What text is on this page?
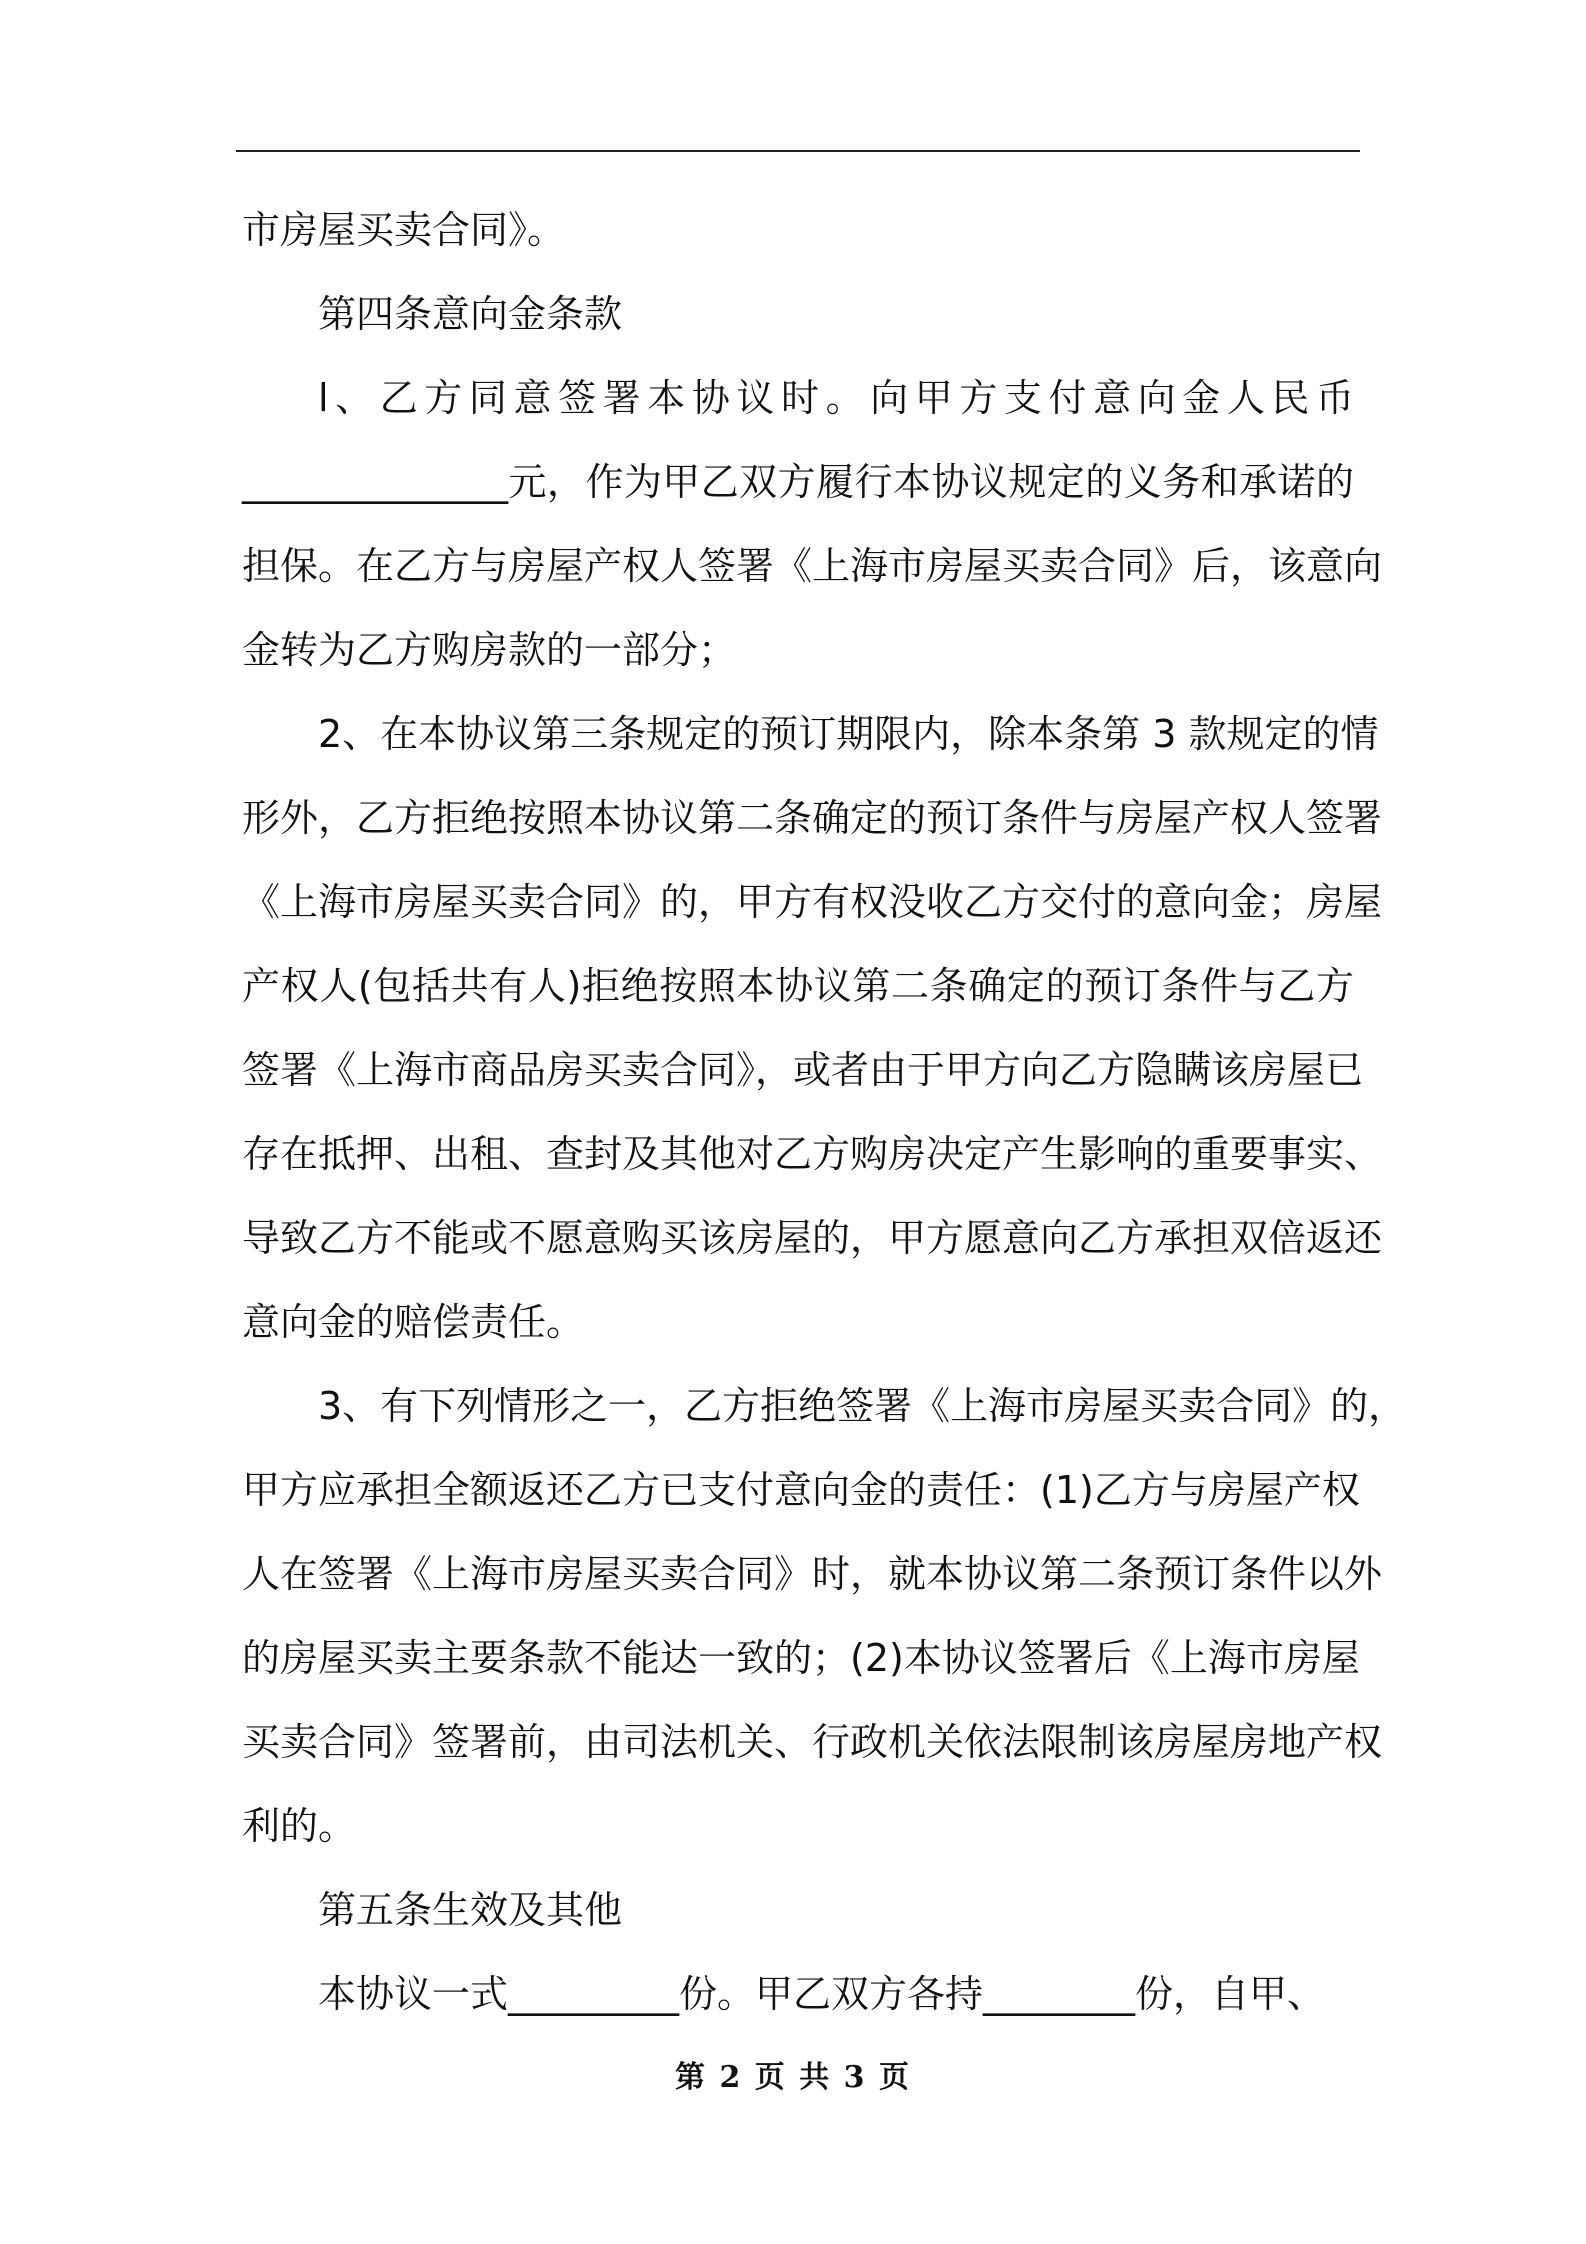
市房屋买卖合同》。
第四条意向金条款
l、乙方同意签署本协议时。向甲方支付意向金人民币
______________元，作为甲乙双方履行本协议规定的义务和承诺的
担保。在乙方与房屋产权人签署《上海市房屋买卖合同》后，该意向
金转为乙方购房款的一部分；
2、在本协议第三条规定的预订期限内，除本条第 3 款规定的情
形外，乙方拒绝按照本协议第二条确定的预订条件与房屋产权人签署
《上海市房屋买卖合同》的，甲方有权没收乙方交付的意向金；房屋
产权人(包括共有人)拒绝按照本协议第二条确定的预订条件与乙方
签署《上海市商品房买卖合同》，或者由于甲方向乙方隐瞒该房屋已
存在抵押、出租、查封及其他对乙方购房决定产生影响的重要事实、
导致乙方不能或不愿意购买该房屋的，甲方愿意向乙方承担双倍返还
意向金的赔偿责任。
3、有下列情形之一，乙方拒绝签署《上海市房屋买卖合同》的，
甲方应承担全额返还乙方已支付意向金的责任：(1)乙方与房屋产权
人在签署《上海市房屋买卖合同》时，就本协议第二条预订条件以外
的房屋买卖主要条款不能达一致的；(2)本协议签署后《上海市房屋
买卖合同》签署前，由司法机关、行政机关依法限制该房屋房地产权
利的。
第五条生效及其他
本协议一式_________份。甲乙双方各持________份，自甲、
第 2 页 共 3 页
